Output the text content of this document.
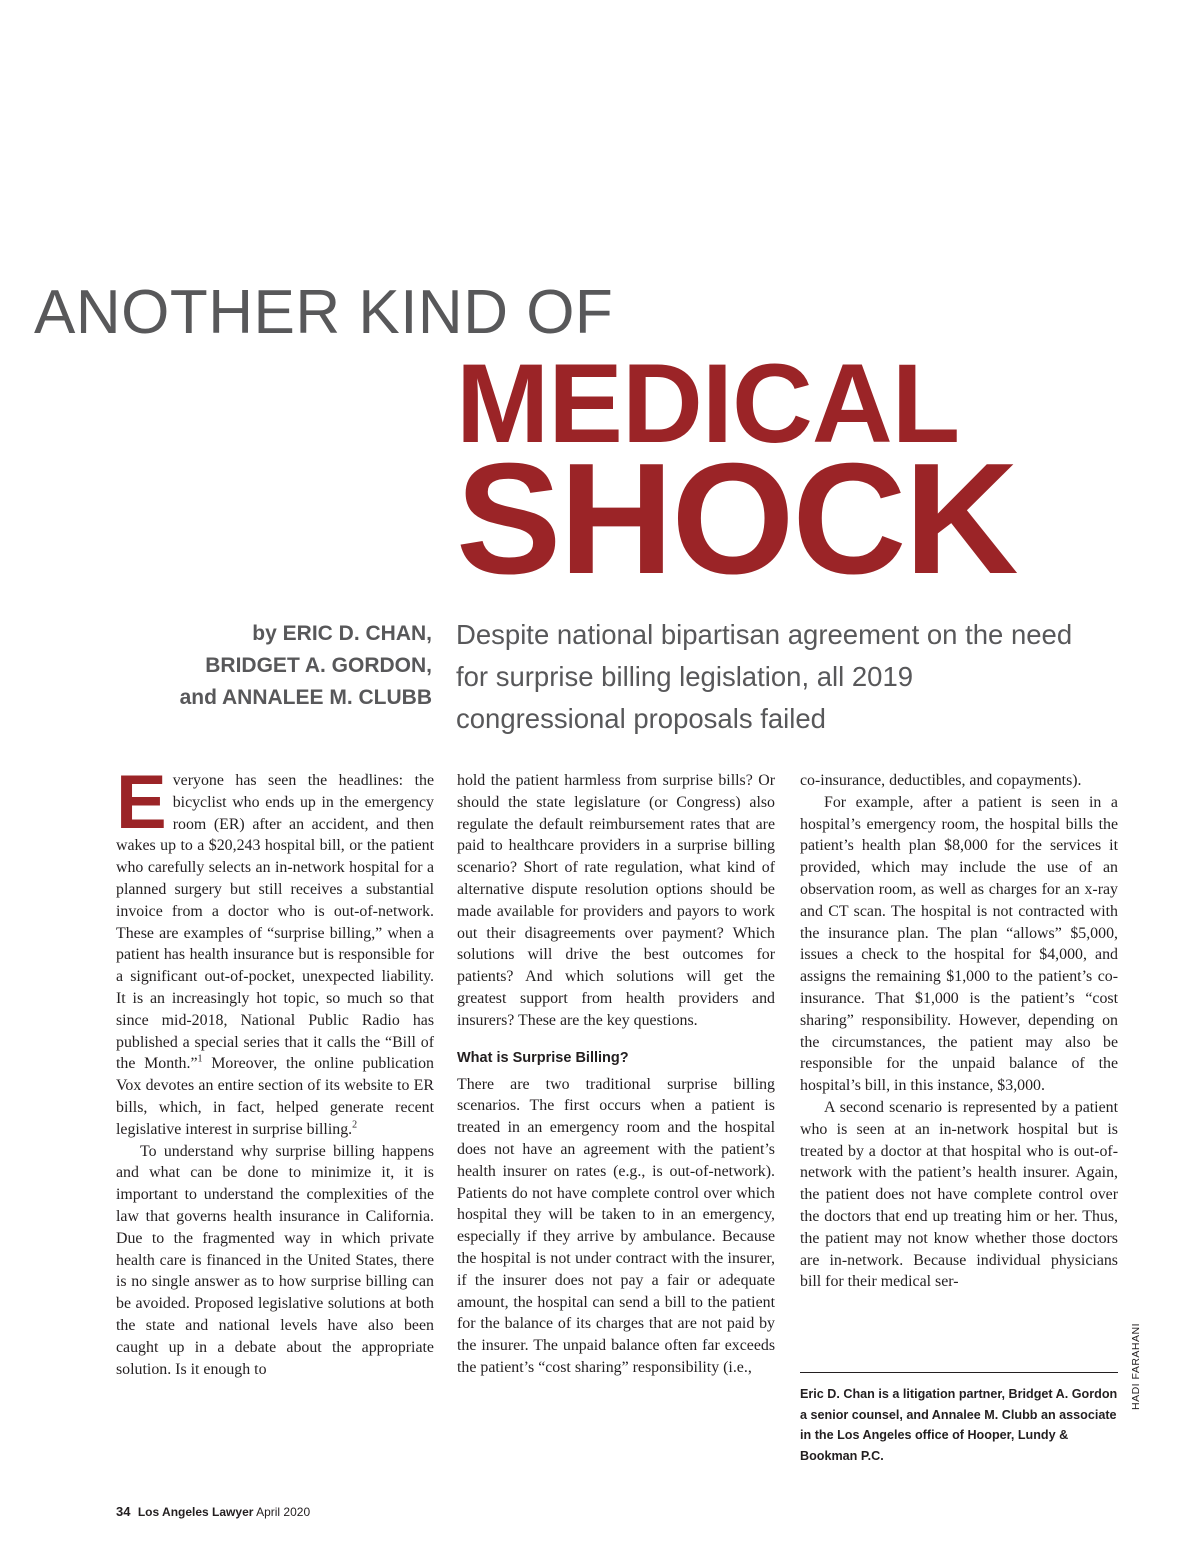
ANOTHER KIND OF
MEDICAL
SHOCK
by ERIC D. CHAN,
BRIDGET A. GORDON,
and ANNALEE M. CLUBB
Despite national bipartisan agreement on the need for surprise billing legislation, all 2019 congressional proposals failed

Everyone has seen the headlines: the bicyclist who ends up in the emergency room (ER) after an accident, and then wakes up to a $20,243 hospital bill, or the patient who carefully selects an in-network hospital for a planned surgery but still receives a substantial invoice from a doctor who is out-of-network. These are examples of “surprise billing,” when a patient has health insurance but is responsible for a significant out-of-pocket, unexpected liability. It is an increasingly hot topic, so much so that since mid-2018, National Public Radio has published a special series that it calls the “Bill of the Month.”$^1$ Moreover, the online publication Vox devotes an entire section of its website to ER bills, which, in fact, helped generate recent legislative interest in surprise billing.$^2$

To understand why surprise billing happens and what can be done to minimize it, it is important to understand the complexities of the law that governs health insurance in California. Due to the fragmented way in which private health care is financed in the United States, there is no single answer as to how surprise billing can be avoided. Proposed legislative solutions at both the state and national levels have also been caught up in a debate about the appropriate solution. Is it enough to

hold the patient harmless from surprise bills? Or should the state legislature (or Congress) also regulate the default reimbursement rates that are paid to healthcare providers in a surprise billing scenario? Short of rate regulation, what kind of alternative dispute resolution options should be made available for providers and payors to work out their disagreements over payment? Which solutions will drive the best outcomes for patients? And which solutions will get the greatest support from health providers and insurers? These are the key questions.

What is Surprise Billing?

There are two traditional surprise billing scenarios. The first occurs when a patient is treated in an emergency room and the hospital does not have an agreement with the patient’s health insurer on rates (e.g., is out-of-network). Patients do not have complete control over which hospital they will be taken to in an emergency, especially if they arrive by ambulance. Because the hospital is not under contract with the insurer, if the insurer does not pay a fair or adequate amount, the hospital can send a bill to the patient for the balance of its charges that are not paid by the insurer. The unpaid balance often far exceeds the patient’s “cost sharing” responsibility (i.e.,

co-insurance, deductibles, and copayments).

For example, after a patient is seen in a hospital’s emergency room, the hospital bills the patient’s health plan $8,000 for the services it provided, which may include the use of an observation room, as well as charges for an x-ray and CT scan. The hospital is not contracted with the insurance plan. The plan “allows” $5,000, issues a check to the hospital for $4,000, and assigns the remaining $1,000 to the patient’s co-insurance. That $1,000 is the patient’s “cost sharing” responsibility. However, depending on the circumstances, the patient may also be responsible for the unpaid balance of the hospital’s bill, in this instance, $3,000.

A second scenario is represented by a patient who is seen at an in-network hospital but is treated by a doctor at that hospital who is out-of-network with the patient’s health insurer. Again, the patient does not have complete control over the doctors that end up treating him or her. Thus, the patient may not know whether those doctors are in-network. Because individual physicians bill for their medical ser-

Eric D. Chan is a litigation partner, Bridget A. Gordon a senior counsel, and Annalee M. Clubb an associate in the Los Angeles office of Hooper, Lundy & Bookman P.C.
HADI FARAHANI
34 Los Angeles Lawyer April 2020
